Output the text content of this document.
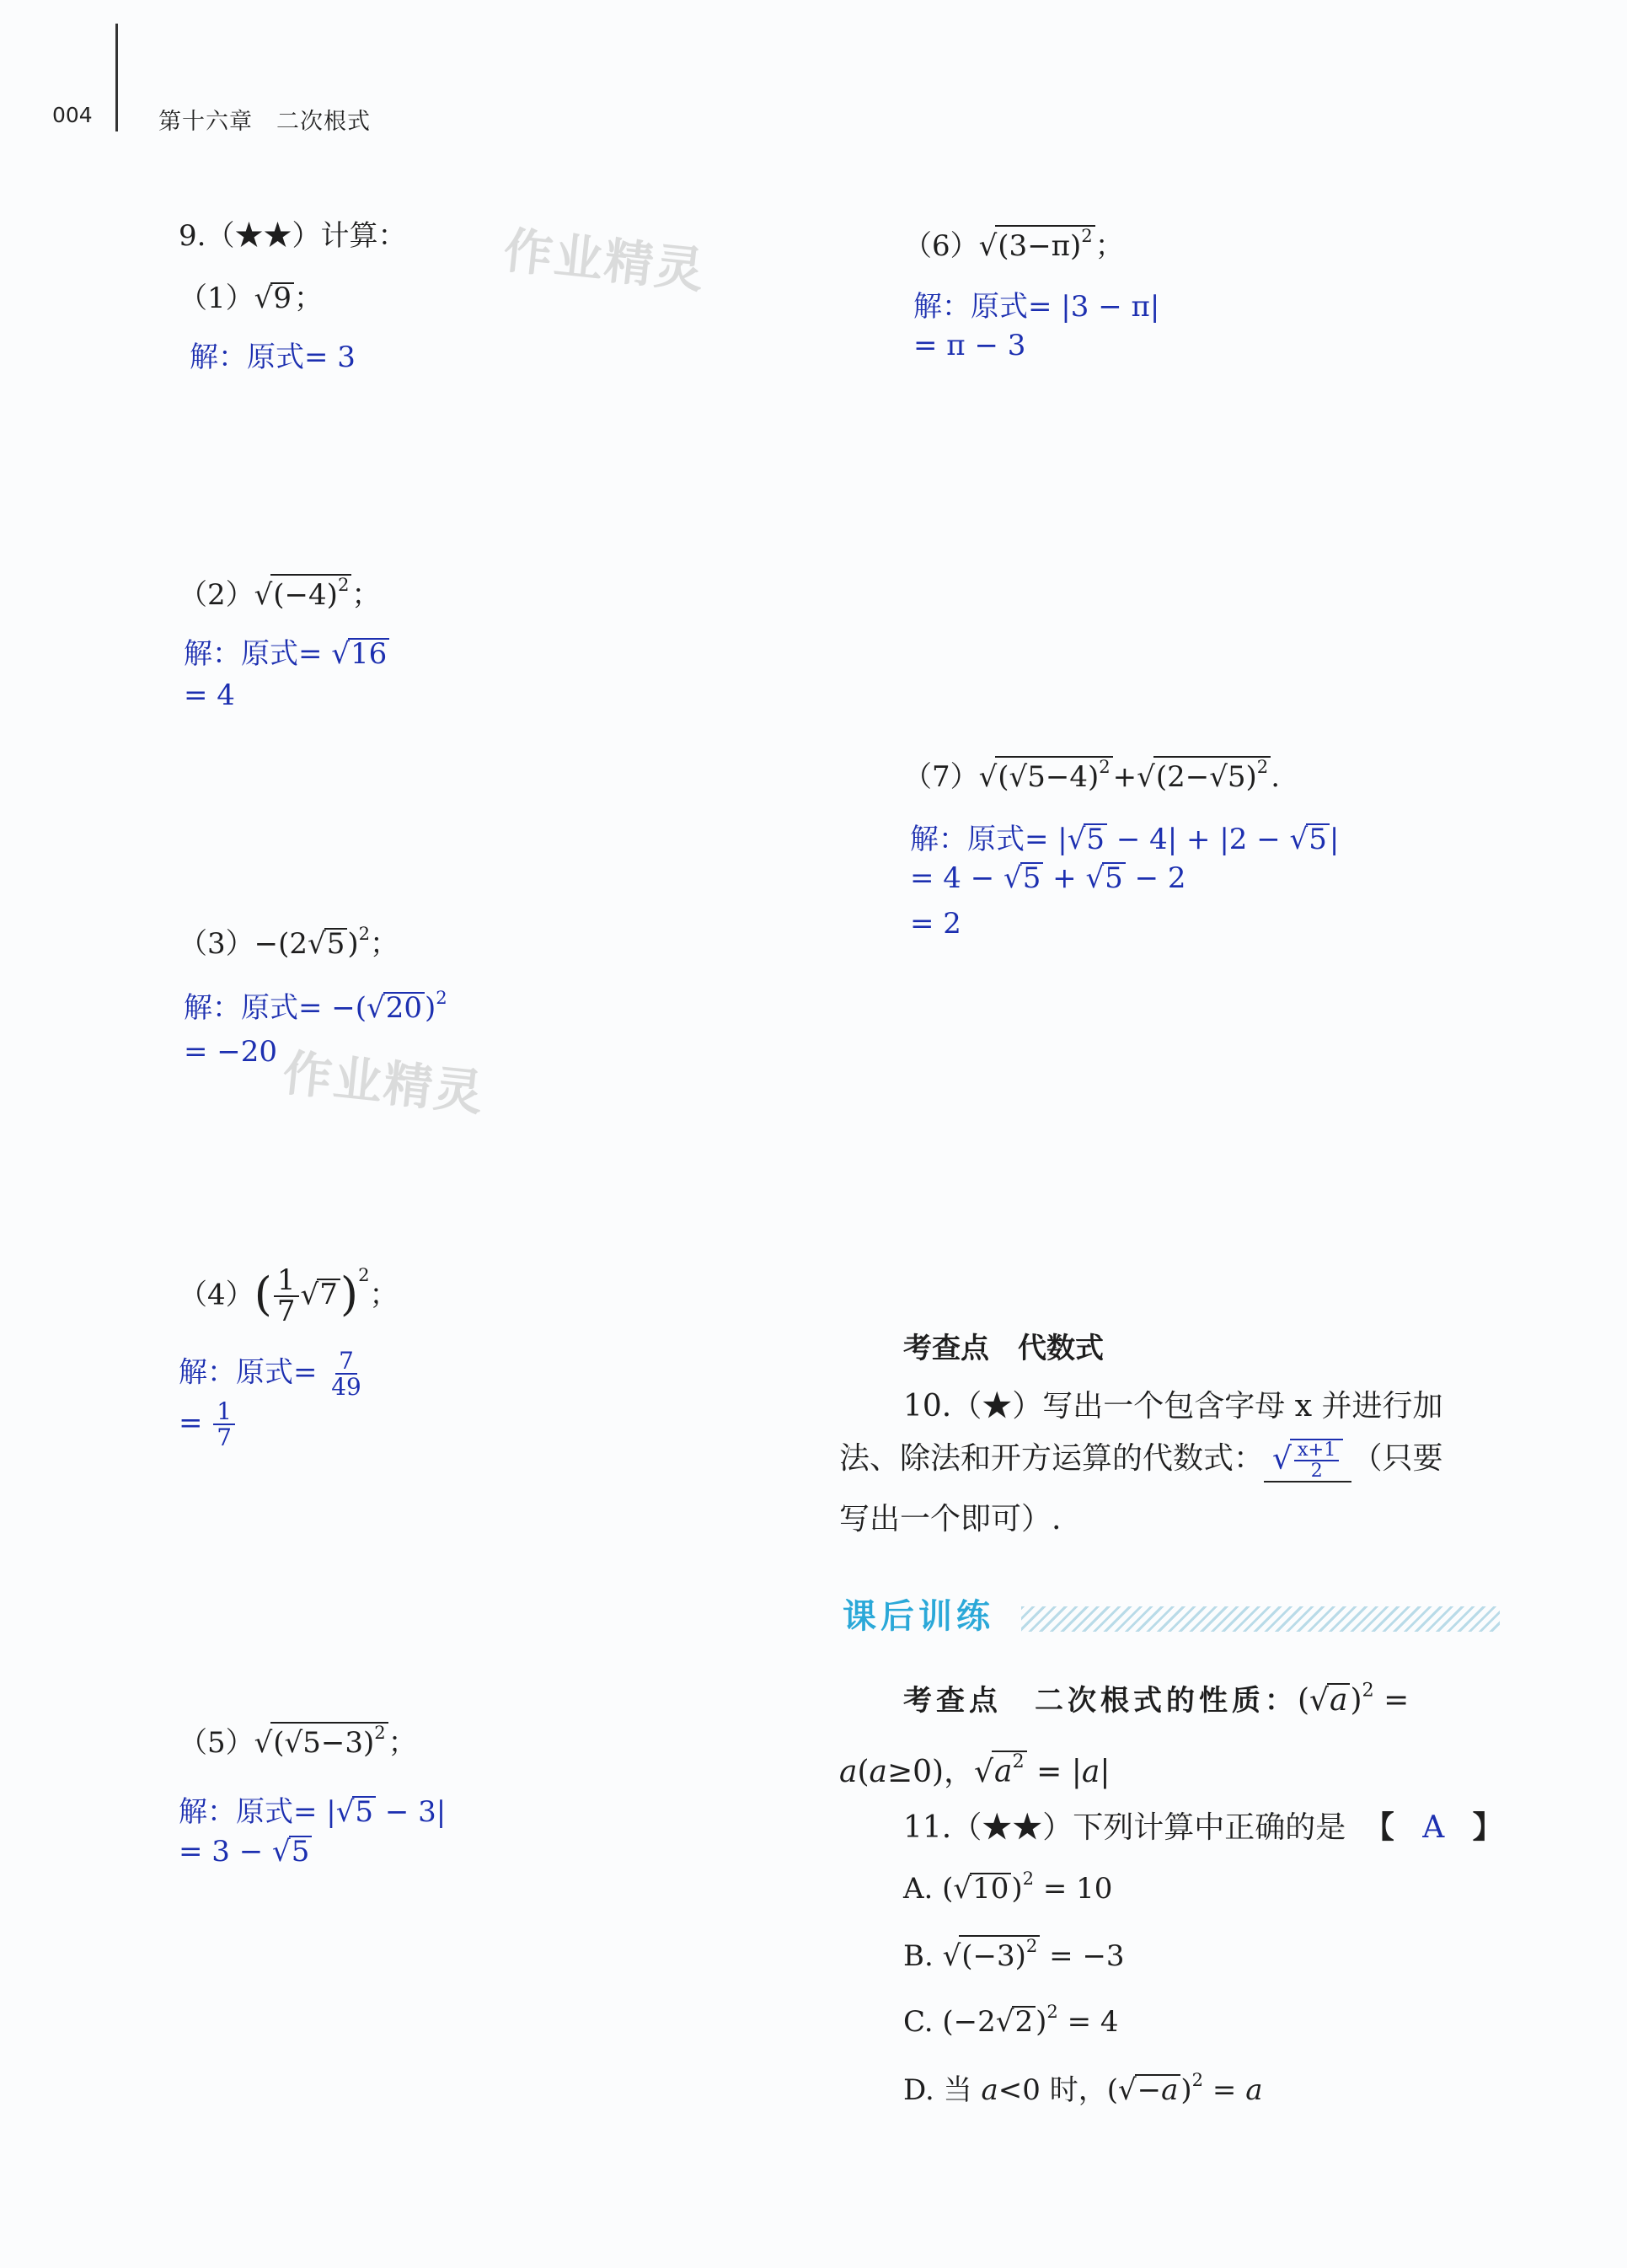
004	第十六章　二次根式
作业精灵
作业精灵
9.（★★）计算：
（1）√9；
解：原式= 3
$(2)√(-4)^2$；
解：原式= √16
= 4
$(3)-(2√5)^2$；
解：原式= $-(√20)^2$
= −20
$(4)( \frac{1}{7} √7)^2$；
解：原式= $\frac{7}{49}$
= $\frac{1}{7}$
$(5)√(√5-3)^2$；
解：原式= |√5 − 3|
= 3 − √5
$(6)√(3-\pi)^2$；
解：原式= |3 − π|
= π − 3
$(7)√(√5-4)^2+√(2-√5)^2$.
解：原式= |√5 − 4| + |2 − √5|
= 4 − √5 + √5 − 2
= 2
考查点　代数式
10.（★）写出一个包含字母 x 并进行加
法、除法和开方运算的代数式： √ $\frac{x+1}{2}$ （只要
写出一个即可）.
课后训练
考查点　二次根式的性质：$(√a)^2$ =
a(a≥0)，$√a^2 = |a|$
11.（★★）下列计算中正确的是 【 A 】
A. $(√10)^2 = 10$
B. $√(-3)^2 = -3$
C. $(-2√2)^2 = 4$
D. 当 a<0 时，$(√-a)^2 = a$
